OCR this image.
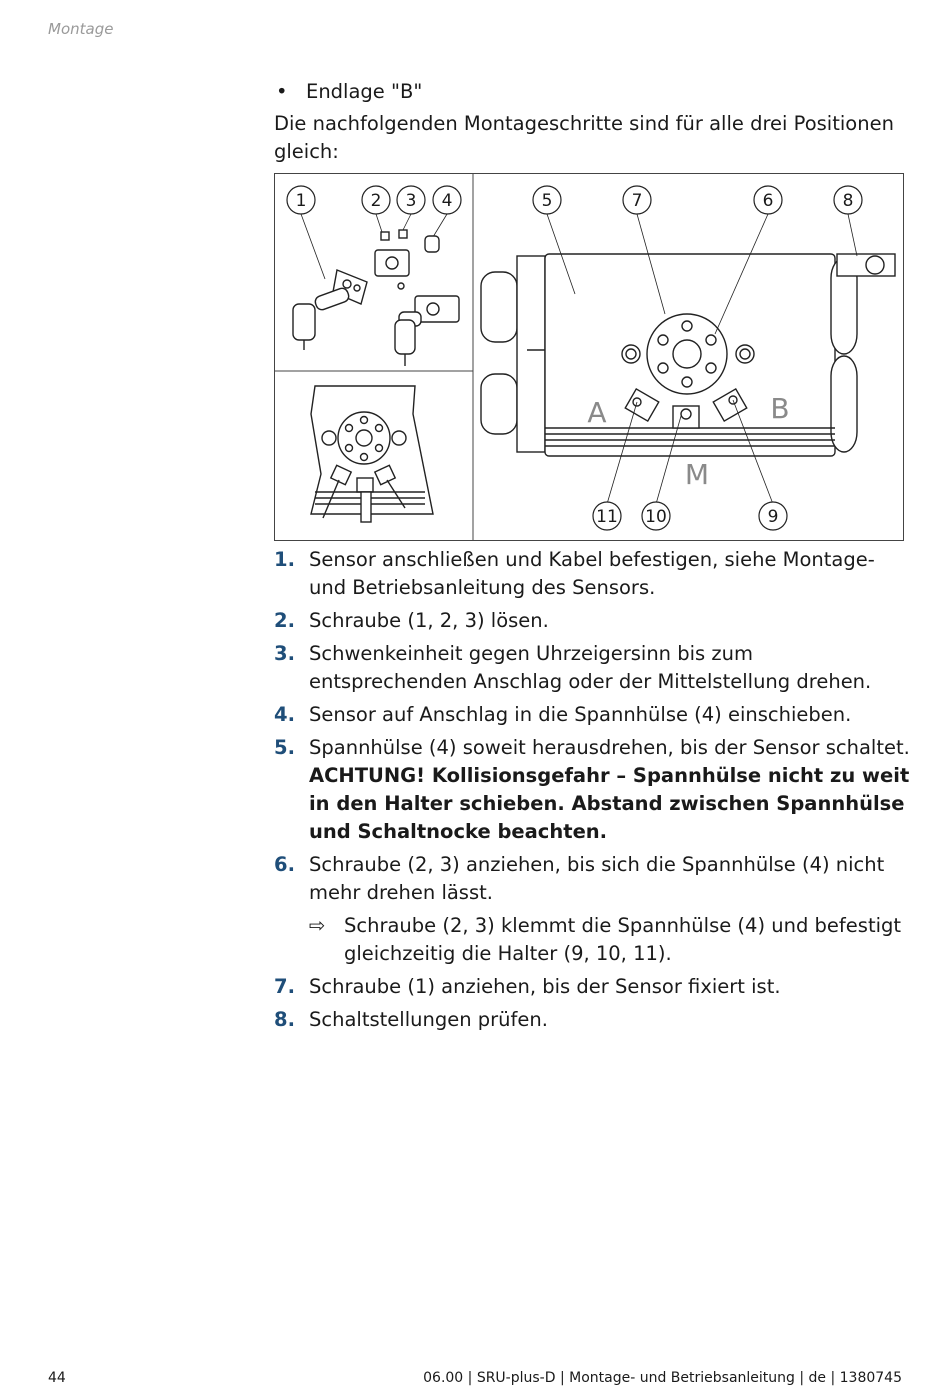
Montage
• Endlage "B"
Die nachfolgenden Montageschritte sind für alle drei Positionen gleich:
1	2 3 4	5	7	6	8
11 10	9
A	B
M
1. Sensor anschließen und Kabel befestigen, siehe Montage- und Betriebsanleitung des Sensors.
2. Schraube (1, 2, 3) lösen.
3. Schwenkeinheit gegen Uhrzeigersinn bis zum entsprechenden Anschlag oder der Mittelstellung drehen.
4. Sensor auf Anschlag in die Spannhülse (4) einschieben.
5. Spannhülse (4) soweit herausdrehen, bis der Sensor schaltet.
ACHTUNG! Kollisionsgefahr – Spannhülse nicht zu weit in den Halter schieben. Abstand zwischen Spannhülse und Schaltnocke beachten.
6. Schraube (2, 3) anziehen, bis sich die Spannhülse (4) nicht mehr drehen lässt.
⇨ Schraube (2, 3) klemmt die Spannhülse (4) und befestigt gleichzeitig die Halter (9, 10, 11).
7. Schraube (1) anziehen, bis der Sensor fixiert ist.
8. Schaltstellungen prüfen.
44	06.00 | SRU-plus-D | Montage- und Betriebsanleitung | de | 1380745
